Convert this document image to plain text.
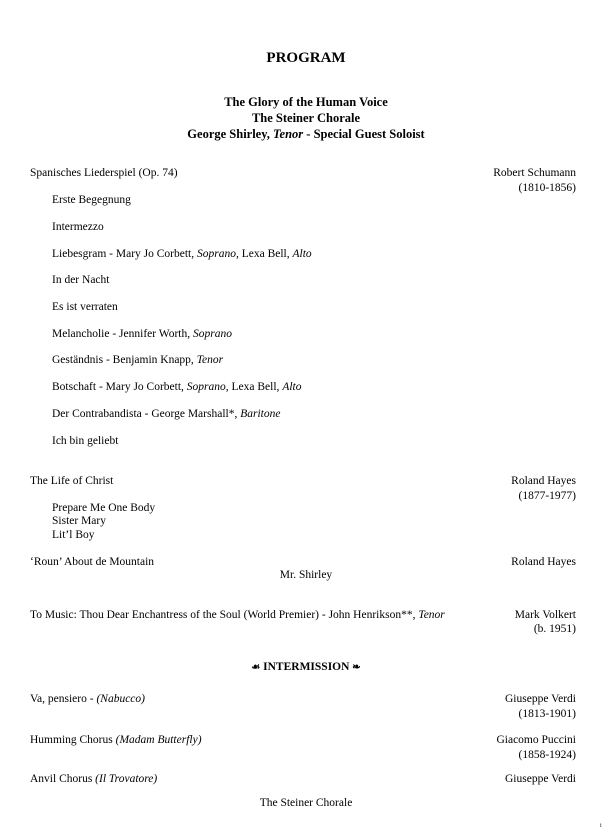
PROGRAM
The Glory of the Human Voice
The Steiner Chorale
George Shirley, Tenor - Special Guest Soloist
Spanisches Liederspiel (Op. 74)	Robert Schumann
(1810-1856)
Erste Begegnung
Intermezzo
Liebesgram - Mary Jo Corbett, Soprano, Lexa Bell, Alto
In der Nacht
Es ist verraten
Melancholie - Jennifer Worth, Soprano
Geständnis - Benjamin Knapp, Tenor
Botschaft - Mary Jo Corbett, Soprano, Lexa Bell, Alto
Der Contrabandista - George Marshall*, Baritone
Ich bin geliebt
The Life of Christ	Roland Hayes
(1877-1977)
Prepare Me One Body
Sister Mary
Lit’l Boy
‘Roun’ About de Mountain	Roland Hayes
Mr. Shirley
To Music: Thou Dear Enchantress of the Soul (World Premier) - John Henrikson**, Tenor	Mark Volkert
(b. 1951)
☙ INTERMISSION ❧
Va, pensiero - (Nabucco)	Giuseppe Verdi
(1813-1901)
Humming Chorus (Madam Butterfly)	Giacomo Puccini
(1858-1924)
Anvil Chorus (Il Trovatore)	Giuseppe Verdi
The Steiner Chorale
i
